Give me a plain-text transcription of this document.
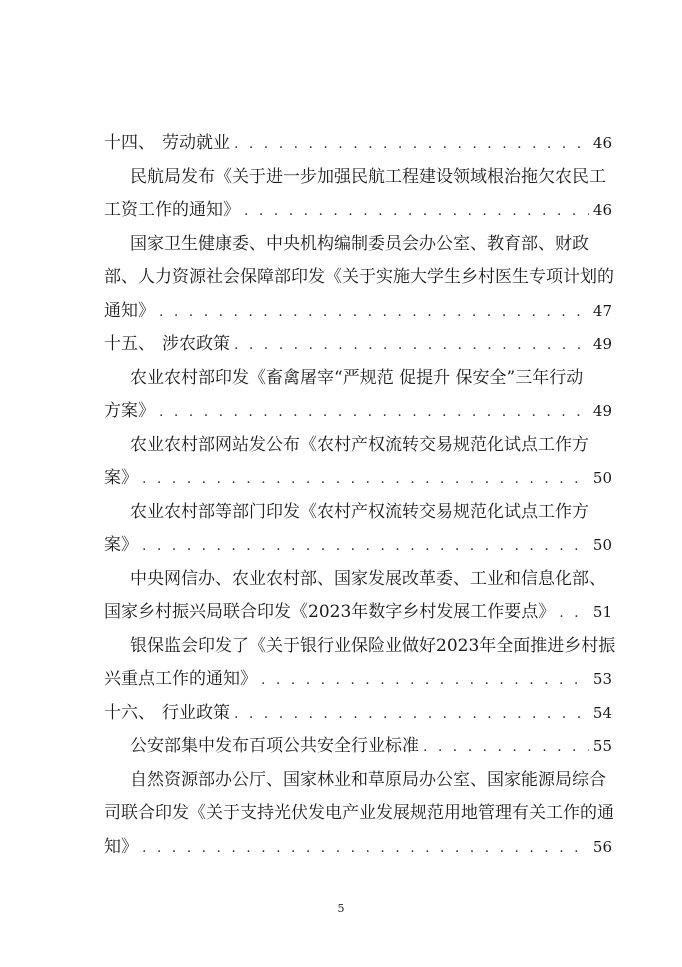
十四、 劳动就业 . . .	46
民航局发布《关于进一步加强民航工程建设领域根治拖欠农民工
工资工作的通知》 . . .	46
国家卫生健康委、中央机构编制委员会办公室、教育部、财政
部、人力资源社会保障部印发《关于实施大学生乡村医生专项计划的
通知》 . . .	47
十五、 涉农政策 . . .	49
农业农村部印发《畜禽屠宰“严规范 促提升 保安全”三年行动
方案》 . . .	49
农业农村部网站发公布《农村产权流转交易规范化试点工作方
案》 . . .	50
农业农村部等部门印发《农村产权流转交易规范化试点工作方
案》 . . .	50
中央网信办、农业农村部、国家发展改革委、工业和信息化部、
国家乡村振兴局联合印发《2023年数字乡村发展工作要点》 . . .	51
银保监会印发了《关于银行业保险业做好2023年全面推进乡村振
兴重点工作的通知》 . . .	53
十六、 行业政策 . . .	54
公安部集中发布百项公共安全行业标准 . . .	55
自然资源部办公厅、国家林业和草原局办公室、国家能源局综合
司联合印发《关于支持光伏发电产业发展规范用地管理有关工作的通
知》 . . .	56
5
